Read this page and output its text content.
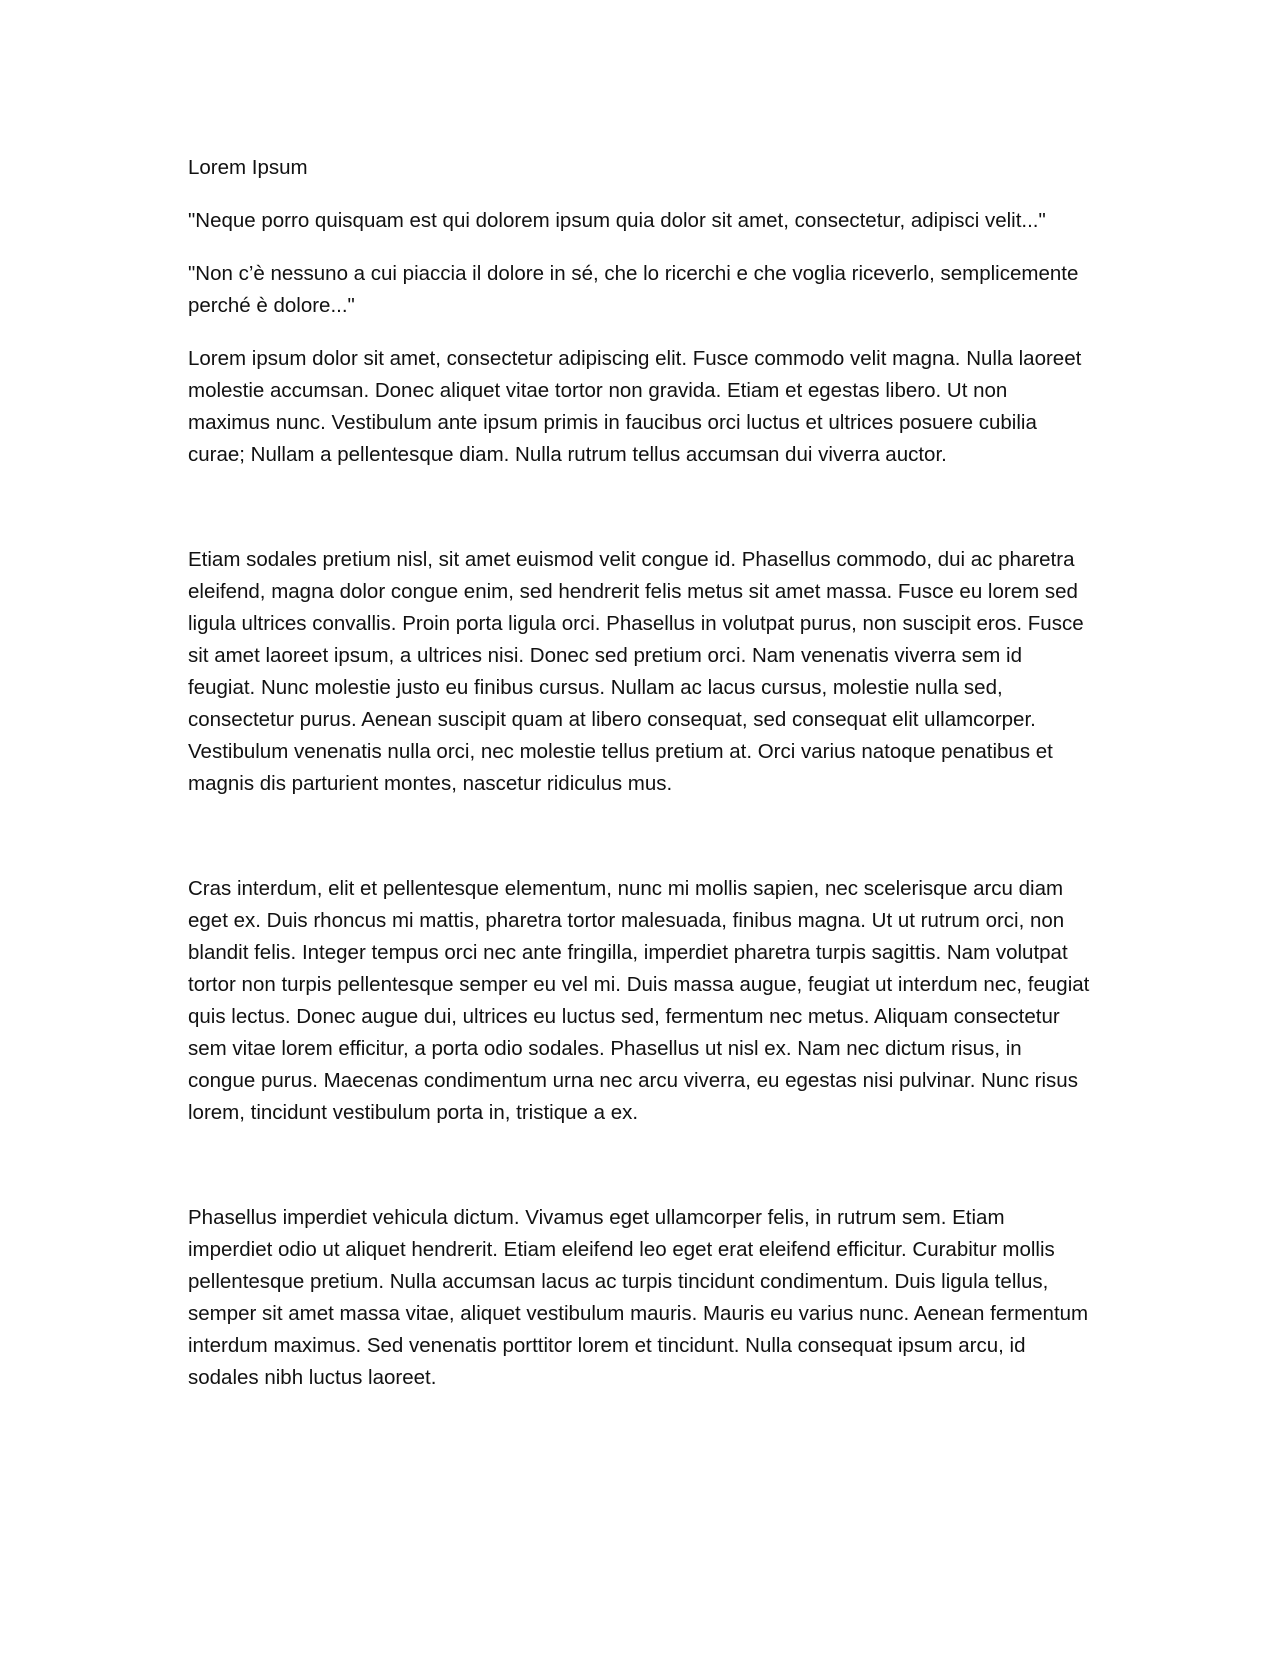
Lorem Ipsum

"Neque porro quisquam est qui dolorem ipsum quia dolor sit amet, consectetur, adipisci velit..."

"Non c’è nessuno a cui piaccia il dolore in sé, che lo ricerchi e che voglia riceverlo, semplicemente perché è dolore..."

Lorem ipsum dolor sit amet, consectetur adipiscing elit. Fusce commodo velit magna. Nulla laoreet molestie accumsan. Donec aliquet vitae tortor non gravida. Etiam et egestas libero. Ut non maximus nunc. Vestibulum ante ipsum primis in faucibus orci luctus et ultrices posuere cubilia curae; Nullam a pellentesque diam. Nulla rutrum tellus accumsan dui viverra auctor.

Etiam sodales pretium nisl, sit amet euismod velit congue id. Phasellus commodo, dui ac pharetra eleifend, magna dolor congue enim, sed hendrerit felis metus sit amet massa. Fusce eu lorem sed ligula ultrices convallis. Proin porta ligula orci. Phasellus in volutpat purus, non suscipit eros. Fusce sit amet laoreet ipsum, a ultrices nisi. Donec sed pretium orci. Nam venenatis viverra sem id feugiat. Nunc molestie justo eu finibus cursus. Nullam ac lacus cursus, molestie nulla sed, consectetur purus. Aenean suscipit quam at libero consequat, sed consequat elit ullamcorper. Vestibulum venenatis nulla orci, nec molestie tellus pretium at. Orci varius natoque penatibus et magnis dis parturient montes, nascetur ridiculus mus.

Cras interdum, elit et pellentesque elementum, nunc mi mollis sapien, nec scelerisque arcu diam eget ex. Duis rhoncus mi mattis, pharetra tortor malesuada, finibus magna. Ut ut rutrum orci, non blandit felis. Integer tempus orci nec ante fringilla, imperdiet pharetra turpis sagittis. Nam volutpat tortor non turpis pellentesque semper eu vel mi. Duis massa augue, feugiat ut interdum nec, feugiat quis lectus. Donec augue dui, ultrices eu luctus sed, fermentum nec metus. Aliquam consectetur sem vitae lorem efficitur, a porta odio sodales. Phasellus ut nisl ex. Nam nec dictum risus, in congue purus. Maecenas condimentum urna nec arcu viverra, eu egestas nisi pulvinar. Nunc risus lorem, tincidunt vestibulum porta in, tristique a ex.

Phasellus imperdiet vehicula dictum. Vivamus eget ullamcorper felis, in rutrum sem. Etiam imperdiet odio ut aliquet hendrerit. Etiam eleifend leo eget erat eleifend efficitur. Curabitur mollis pellentesque pretium. Nulla accumsan lacus ac turpis tincidunt condimentum. Duis ligula tellus, semper sit amet massa vitae, aliquet vestibulum mauris. Mauris eu varius nunc. Aenean fermentum interdum maximus. Sed venenatis porttitor lorem et tincidunt. Nulla consequat ipsum arcu, id sodales nibh luctus laoreet.
